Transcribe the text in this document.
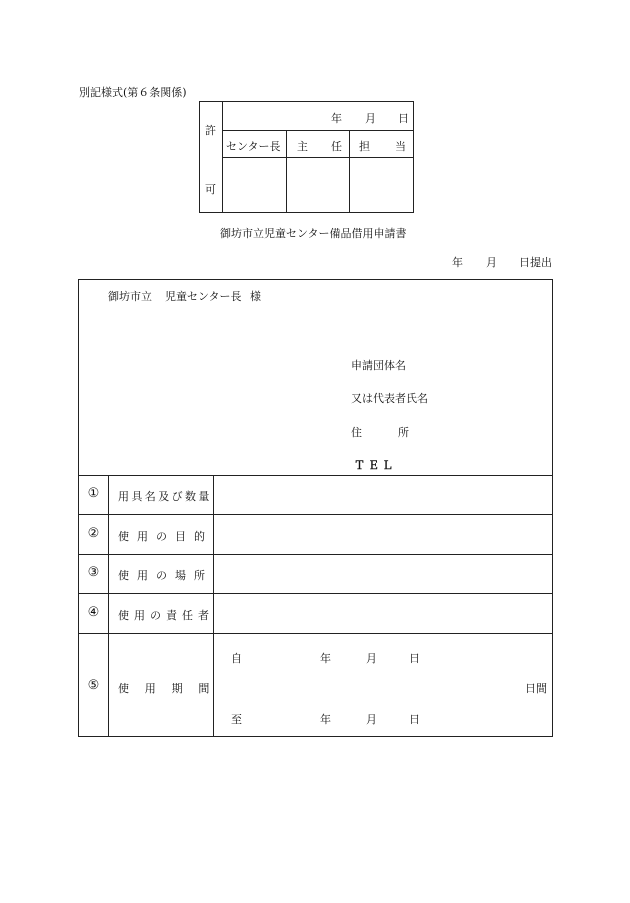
別記様式(第６条関係)
許
可	年 月 日		

	センター長	主 任	担 当

御坊市立児童センター備品借用申請書
年 月 日提出
御坊市立 児童センター長 様
申請団体名
又は代表者氏名
住	所
ＴＥＬ
①	用具名及び数量
②	使用の目的
③	使用の場所
④	使用の責任者
⑤	使　用　期　間
自	年	月	日
日間
至	年	月	日
